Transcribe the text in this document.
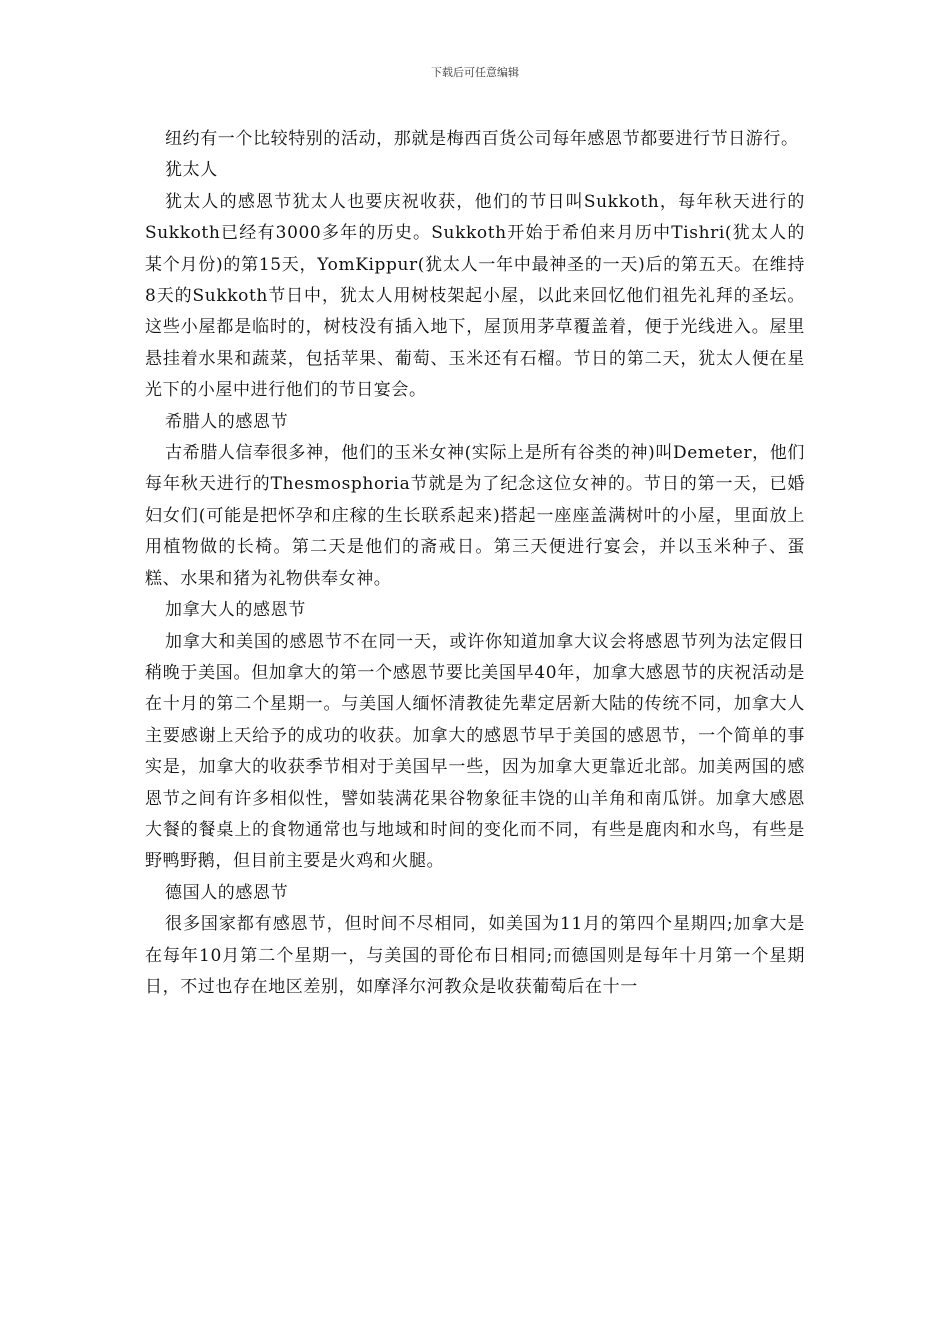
下载后可任意编辑

纽约有一个比较特别的活动，那就是梅西百货公司每年感恩节都要进行节日游行。

犹太人

犹太人的感恩节犹太人也要庆祝收获，他们的节日叫Sukkoth，每年秋天进行的Sukkoth已经有3000多年的历史。Sukkoth开始于希伯来月历中Tishri(犹太人的某个月份)的第15天，YomKippur(犹太人一年中最神圣的一天)后的第五天。在维持8天的Sukkoth节日中，犹太人用树枝架起小屋，以此来回忆他们祖先礼拜的圣坛。这些小屋都是临时的，树枝没有插入地下，屋顶用茅草覆盖着，便于光线进入。屋里悬挂着水果和蔬菜，包括苹果、葡萄、玉米还有石榴。节日的第二天，犹太人便在星光下的小屋中进行他们的节日宴会。

希腊人的感恩节

古希腊人信奉很多神，他们的玉米女神(实际上是所有谷类的神)叫Demeter，他们每年秋天进行的Thesmosphoria节就是为了纪念这位女神的。节日的第一天，已婚妇女们(可能是把怀孕和庄稼的生长联系起来)搭起一座座盖满树叶的小屋，里面放上用植物做的长椅。第二天是他们的斋戒日。第三天便进行宴会，并以玉米种子、蛋糕、水果和猪为礼物供奉女神。

加拿大人的感恩节

加拿大和美国的感恩节不在同一天，或许你知道加拿大议会将感恩节列为法定假日稍晚于美国。但加拿大的第一个感恩节要比美国早40年，加拿大感恩节的庆祝活动是在十月的第二个星期一。与美国人缅怀清教徒先辈定居新大陆的传统不同，加拿大人主要感谢上天给予的成功的收获。加拿大的感恩节早于美国的感恩节，一个简单的事实是，加拿大的收获季节相对于美国早一些，因为加拿大更靠近北部。加美两国的感恩节之间有许多相似性，譬如装满花果谷物象征丰饶的山羊角和南瓜饼。加拿大感恩大餐的餐桌上的食物通常也与地域和时间的变化而不同，有些是鹿肉和水鸟，有些是野鸭野鹅，但目前主要是火鸡和火腿。

德国人的感恩节

很多国家都有感恩节，但时间不尽相同，如美国为11月的第四个星期四;加拿大是在每年10月第二个星期一，与美国的哥伦布日相同;而德国则是每年十月第一个星期日，不过也存在地区差别，如摩泽尔河教众是收获葡萄后在十一
